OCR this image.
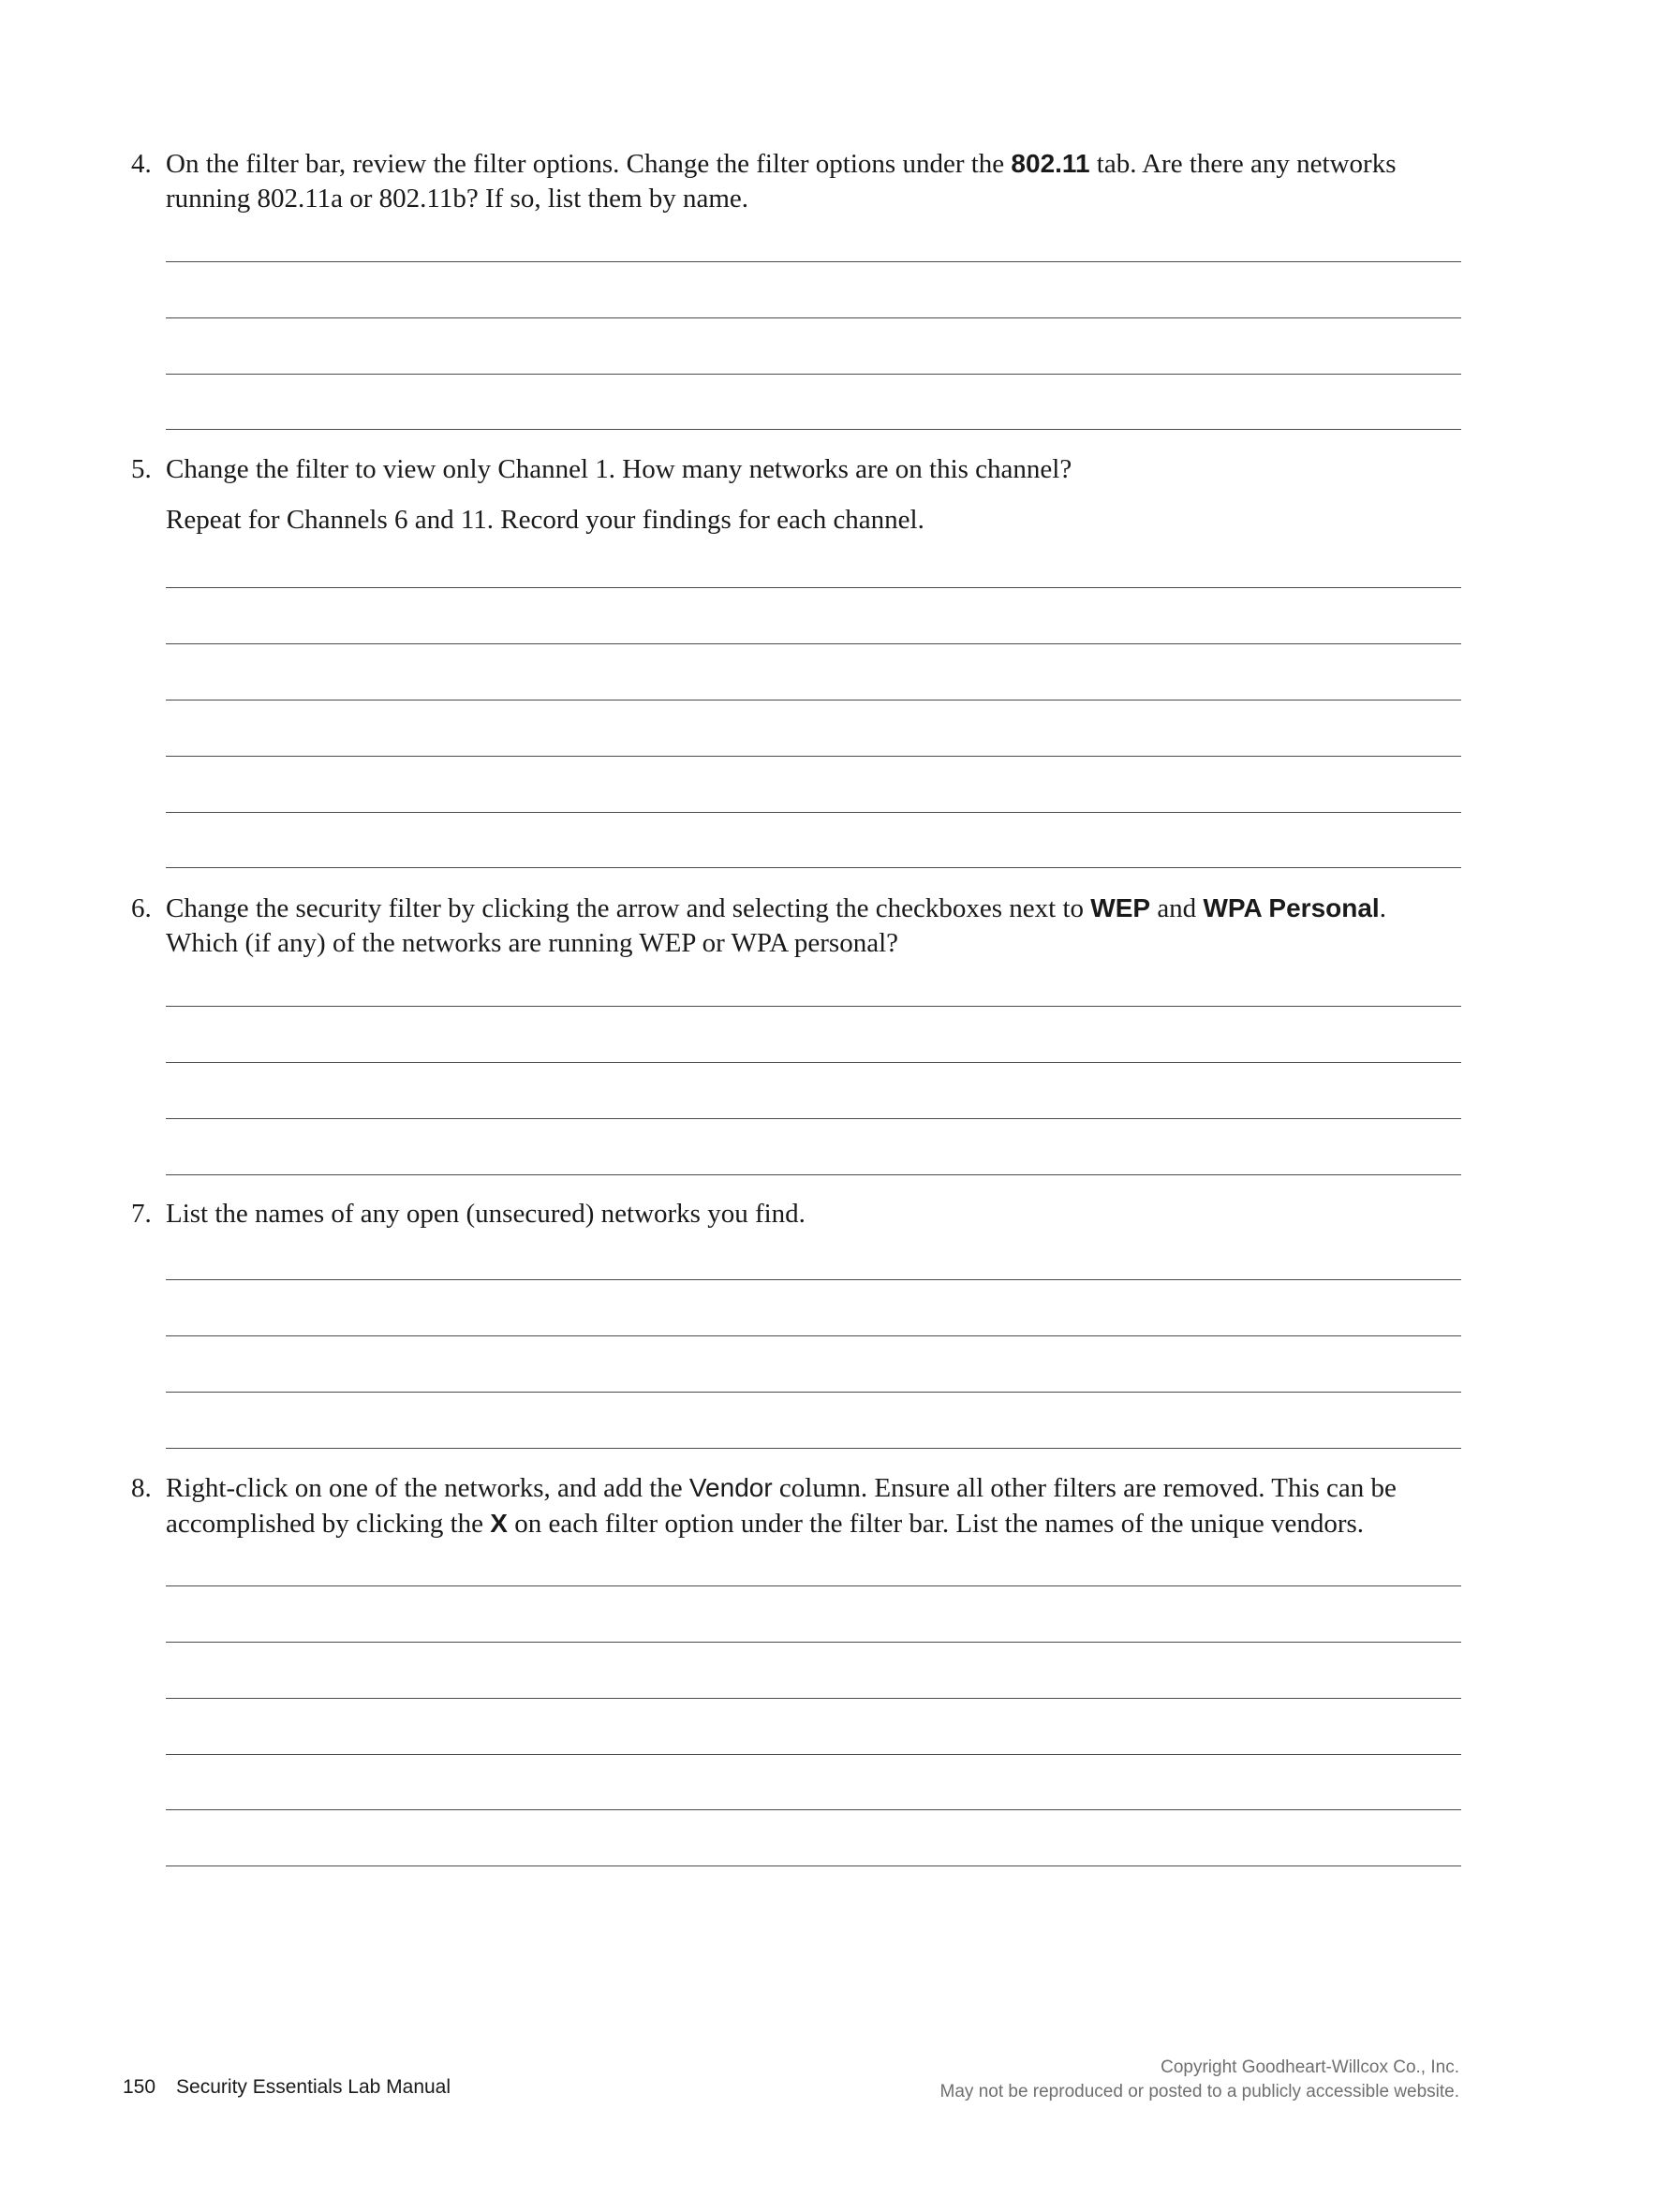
4. On the filter bar, review the filter options. Change the filter options under the 802.11 tab. Are there any networks
running 802.11a or 802.11b? If so, list them by name.
5. Change the filter to view only Channel 1. How many networks are on this channel?
Repeat for Channels 6 and 11. Record your findings for each channel.
6. Change the security filter by clicking the arrow and selecting the checkboxes next to WEP and WPA Personal.
Which (if any) of the networks are running WEP or WPA personal?
7. List the names of any open (unsecured) networks you find.
8. Right-click on one of the networks, and add the Vendor column. Ensure all other filters are removed. This can be
accomplished by clicking the X on each filter option under the filter bar. List the names of the unique vendors.
150 Security Essentials Lab Manual
Copyright Goodheart-Willcox Co., Inc.
May not be reproduced or posted to a publicly accessible website.
